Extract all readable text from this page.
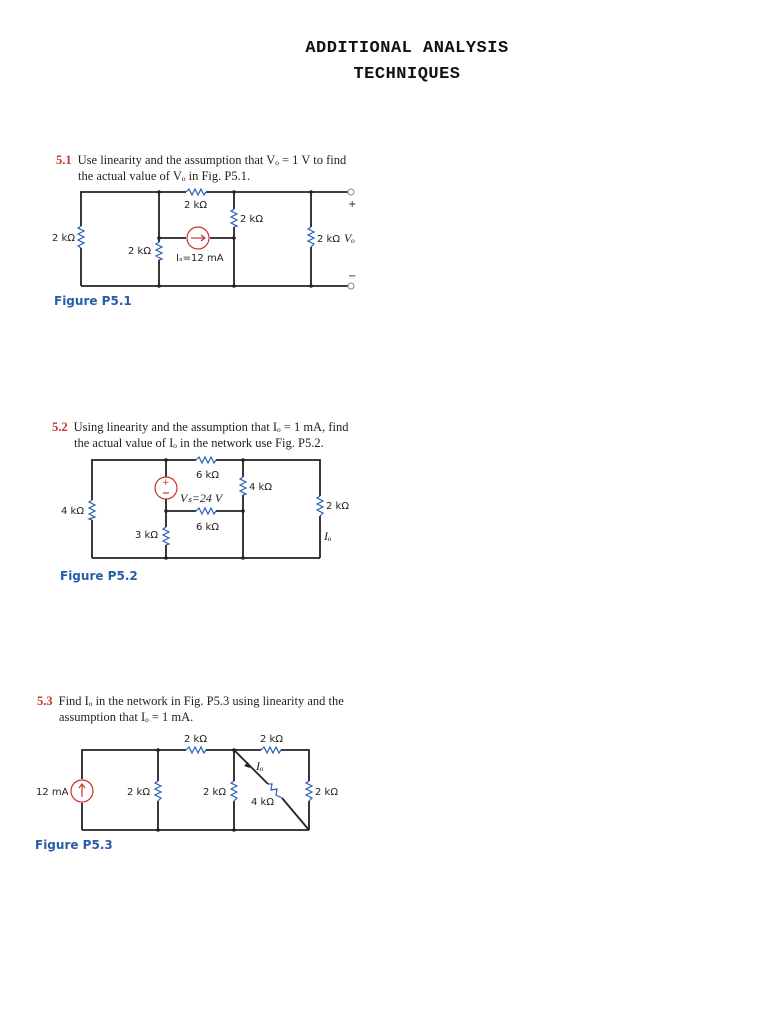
ADDITIONAL ANALYSIS
TECHNIQUES
5.1 Use linearity and the assumption that Vₒ = 1 V to find
the actual value of Vₒ in Fig. P5.1.
2 kΩ
2 kΩ
2 kΩ
2 kΩ
2 kΩ
Iₛ=12 mA
Vₒ
+
−
Figure P5.1
5.2 Using linearity and the assumption that Iₒ = 1 mA, find
the actual value of Iₒ in the network use Fig. P5.2.
+
6 kΩ
4 kΩ
Vₛ=24 V
4 kΩ	2 kΩ
6 kΩ
3 kΩ	Iₒ
Figure P5.2
5.3 Find Iₒ in the network in Fig. P5.3 using linearity and the
assumption that Iₒ = 1 mA.
2 kΩ	2 kΩ
Iₒ
12 mA	2 kΩ	2 kΩ	2 kΩ
4 kΩ
Figure P5.3
